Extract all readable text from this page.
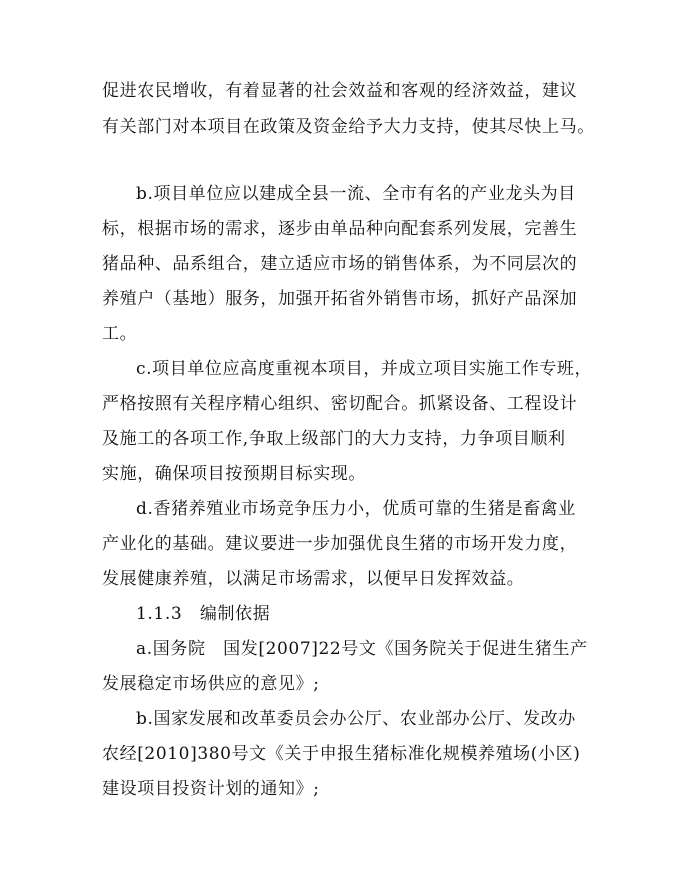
促进农民增收，有着显著的社会效益和客观的经济效益，建议
有关部门对本项目在政策及资金给予大力支持，使其尽快上马。
b.项目单位应以建成全县一流、全市有名的产业龙头为目
标，根据市场的需求，逐步由单品种向配套系列发展，完善生
猪品种、品系组合，建立适应市场的销售体系，为不同层次的
养殖户（基地）服务，加强开拓省外销售市场，抓好产品深加
工。
c.项目单位应高度重视本项目，并成立项目实施工作专班，
严格按照有关程序精心组织、密切配合。抓紧设备、工程设计
及施工的各项工作,争取上级部门的大力支持，力争项目顺利
实施，确保项目按预期目标实现。
d.香猪养殖业市场竞争压力小，优质可靠的生猪是畜禽业
产业化的基础。建议要进一步加强优良生猪的市场开发力度，
发展健康养殖，以满足市场需求，以便早日发挥效益。
1.1.3　编制依据
a.国务院　国发[2007]22号文《国务院关于促进生猪生产
发展稳定市场供应的意见》;
b.国家发展和改革委员会办公厅、农业部办公厅、发改办
农经[2010]380号文《关于申报生猪标准化规模养殖场(小区)
建设项目投资计划的通知》;
